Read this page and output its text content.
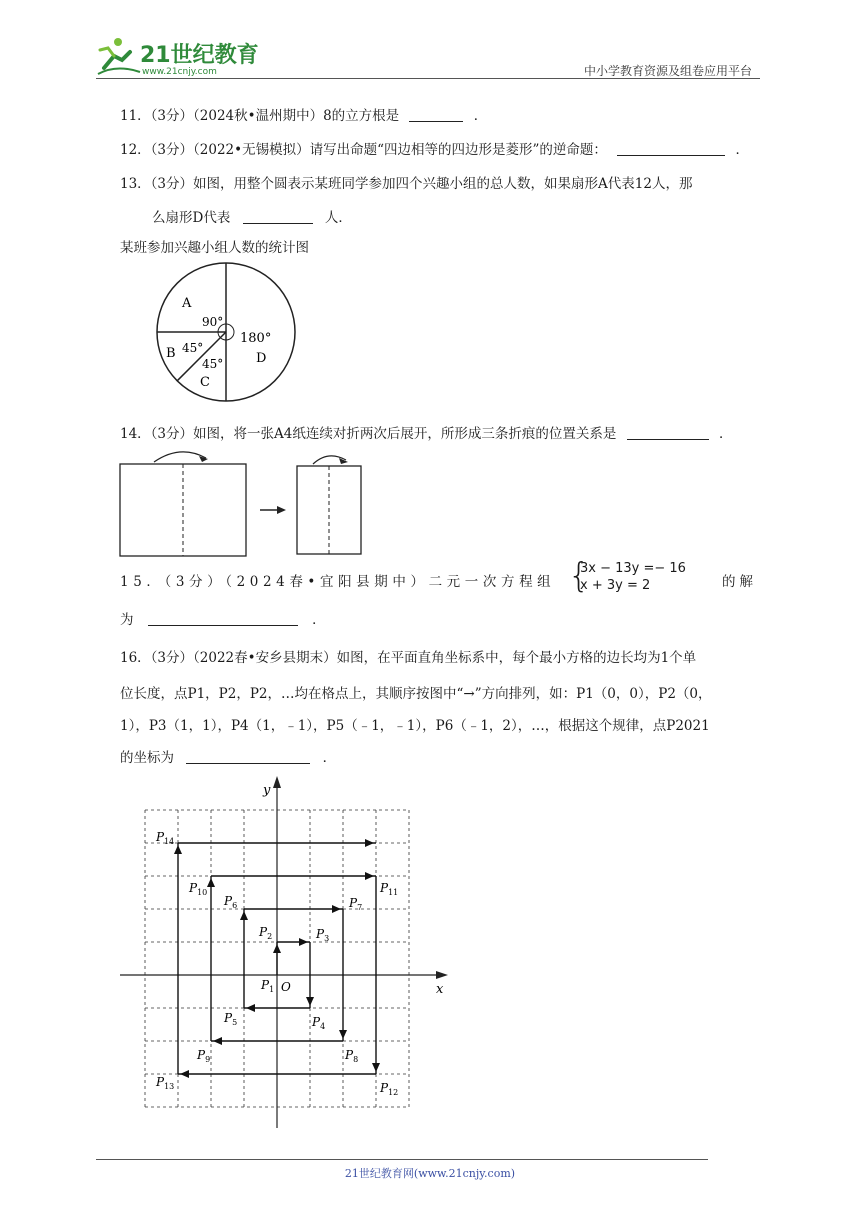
21世纪教育
www.21cnjy.com	中小学教育资源及组卷应用平台
11．（3分）（2024秋•温州期中）8的立方根是	．
12．（3分）（2022•无锡模拟）请写出命题“四边相等的四边形是菱形”的逆命题：	．
13．（3分）如图，用整个圆表示某班同学参加四个兴趣小组的总人数，如果扇形A代表12人，那
么扇形D代表	人．
某班参加兴趣小组人数的统计图
A
90°
B 45°
45°
C
180°
D
14．（3分）如图，将一张A4纸连续对折两次后展开，所形成三条折痕的位置关系是	．
15．（3分）（2024春•宜阳县期中）二元一次方程组 {
3x − 13y =− 16
x + 3y = 2	的解
为	．
16．（3分）（2022春•安乡县期末）如图，在平面直角坐标系中，每个最小方格的边长均为1个单
位长度，点P1，P2，P2，…均在格点上，其顺序按图中“→”方向排列，如：P1（0，0），P2（0，
1），P3（1，1），P4（1，﹣1），P5（﹣1，﹣1），P6（﹣1，2），…，根据这个规律，点P2021
的坐标为	．
x
y
O
$P_1$
$P_2$	$P_3$
$P_4$
$P_5$
$P_6$	$P_7$
$P_8$
$P_9$
$P_{10}$	$P_{11}$
$P_{12}$
$P_{13}$
$P_{14}$
21世纪教育网(www.21cnjy.com)
